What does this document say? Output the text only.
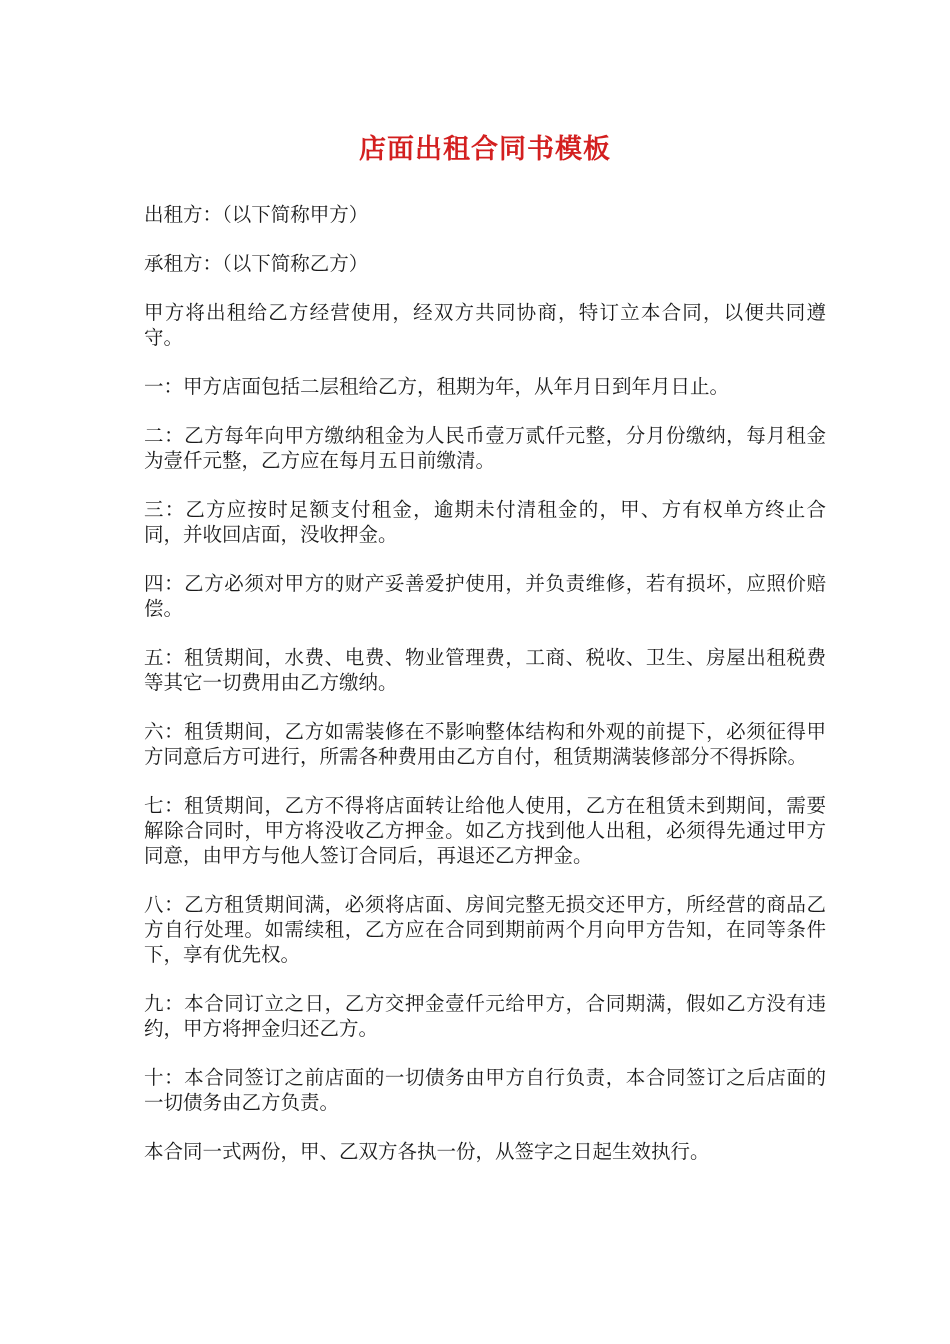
店面出租合同书模板

出租方：（以下简称甲方）

承租方：（以下简称乙方）

甲方将出租给乙方经营使用，经双方共同协商，特订立本合同，以便共同遵守。

一：甲方店面包括二层租给乙方，租期为年，从年月日到年月日止。

二：乙方每年向甲方缴纳租金为人民币壹万贰仟元整，分月份缴纳，每月租金为壹仟元整，乙方应在每月五日前缴清。

三：乙方应按时足额支付租金，逾期未付清租金的，甲、方有权单方终止合同，并收回店面，没收押金。

四：乙方必须对甲方的财产妥善爱护使用，并负责维修，若有损坏，应照价赔偿。

五：租赁期间，水费、电费、物业管理费，工商、税收、卫生、房屋出租税费等其它一切费用由乙方缴纳。

六：租赁期间，乙方如需装修在不影响整体结构和外观的前提下，必须征得甲方同意后方可进行，所需各种费用由乙方自付，租赁期满装修部分不得拆除。

七：租赁期间，乙方不得将店面转让给他人使用，乙方在租赁未到期间，需要解除合同时，甲方将没收乙方押金。如乙方找到他人出租，必须得先通过甲方同意，由甲方与他人签订合同后，再退还乙方押金。

八：乙方租赁期间满，必须将店面、房间完整无损交还甲方，所经营的商品乙方自行处理。如需续租，乙方应在合同到期前两个月向甲方告知，在同等条件下，享有优先权。

九：本合同订立之日，乙方交押金壹仟元给甲方，合同期满，假如乙方没有违约，甲方将押金归还乙方。

十：本合同签订之前店面的一切债务由甲方自行负责，本合同签订之后店面的一切债务由乙方负责。

本合同一式两份，甲、乙双方各执一份，从签字之日起生效执行。
